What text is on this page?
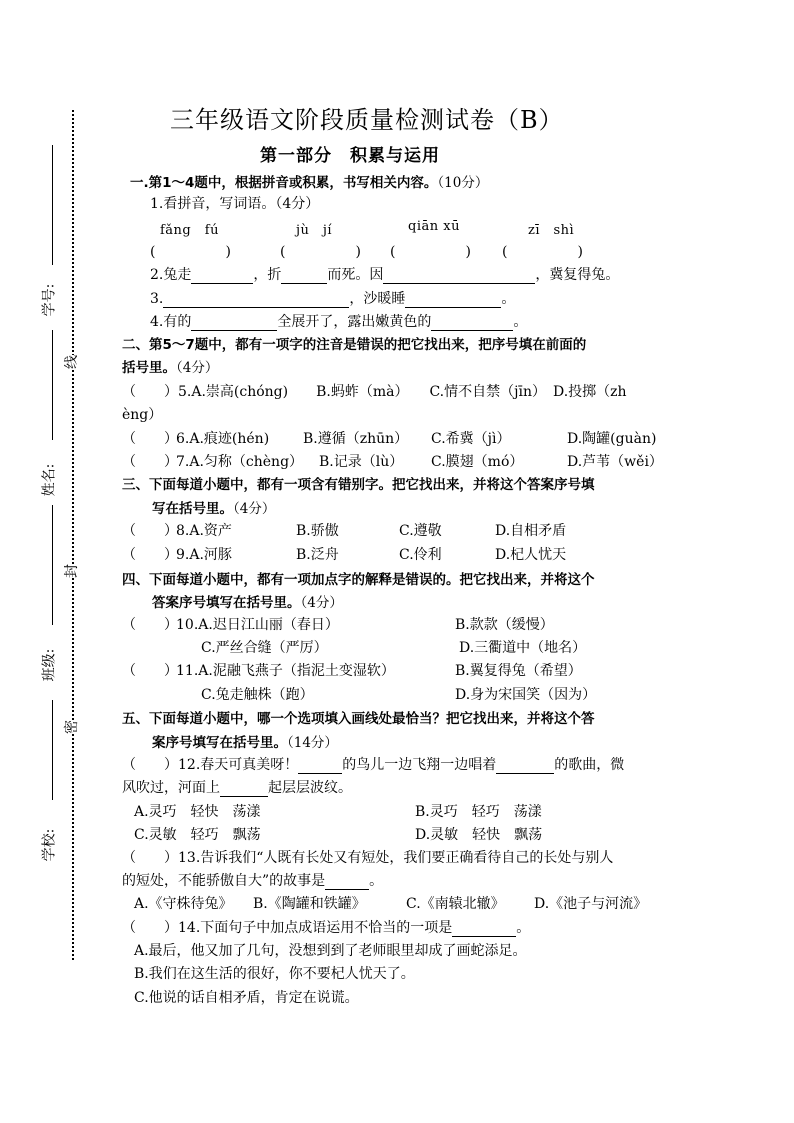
学号:
姓名:
班级:
学校:
线
封
密
三年级语文阶段质量检测试卷（B）
第一部分　积累与运用
一.第1～4题中，根据拼音或积累，书写相关内容。（10分）
1.看拼音，写词语。（4分）
fǎng　fú	jù　jí	qiān xū	zī　shì
(　　　　　)	(　　　　　) (　　　　　) (　　　　　)
2.兔走	，折	而死。因	，冀复得兔。
3.	，沙暖睡	。
4.有的	全展开了，露出嫩黄色的	。
二、第5～7题中，都有一项字的注音是错误的把它找出来，把序号填在前面的
括号里。（4分）
（　　）5.A.崇高(chóng)　　B.蚂蚱（mà）　　C.情不自禁（jīn）　D.投掷（zh
èng）
（　　）
6.A.痕迹(hén) B.遵循（zhūn） C.希冀（jì）	D.陶罐(guàn)
（　　）
7.A.匀称（chèng） B.记录（lù） C.膜翅（mó）	D.芦苇（wěi）
三、下面每道小题中，都有一项含有错别字。把它找出来，并将这个答案序号填
写在括号里。（4分）
（　　）
8.A.资产	B.骄傲	C.遵敬	D.自相矛盾
（　　）
9.A.河豚	B.泛舟	C.伶利	D.杞人忧天
四、下面每道小题中，都有一项加点字的解释是错误的。把它找出来，并将这个
答案序号填写在括号里。（4分）
（　　）
10.A.迟日江山丽（春日）	B.款款（缓慢）
C.严丝合缝（严厉）	D.三衢道中（地名）
（　　）
11.A.泥融飞燕子（指泥土变湿软）	B.翼复得兔（希望）
C.兔走触株（跑）	D.身为宋国笑（因为）
五、下面每道小题中，哪一个选项填入画线处最恰当？把它找出来，并将这个答
案序号填写在括号里。（14分）
（　　）12.春天可真美呀！	的鸟儿一边飞翔一边唱着	的歌曲，微
风吹过，河面上	起层层波纹。
A.灵巧　轻快　荡漾	B.灵巧　轻巧　荡漾
C.灵敏　轻巧　飘荡	D.灵敏　轻快　飘荡
（　　）13.告诉我们“人既有长处又有短处，我们要正确看待自己的长处与别人
的短处，不能骄傲自大”的故事是	。
A.《守株待兔》 B.《陶罐和铁罐》	C.《南辕北辙》 D.《池子与河流》
（　　）14.下面句子中加点成语运用不恰当的一项是	。
A.最后，他又加了几句，没想到到了老师眼里却成了画蛇添足。
B.我们在这生活的很好，你不要杞人忧天了。
C.他说的话自相矛盾，肯定在说谎。
